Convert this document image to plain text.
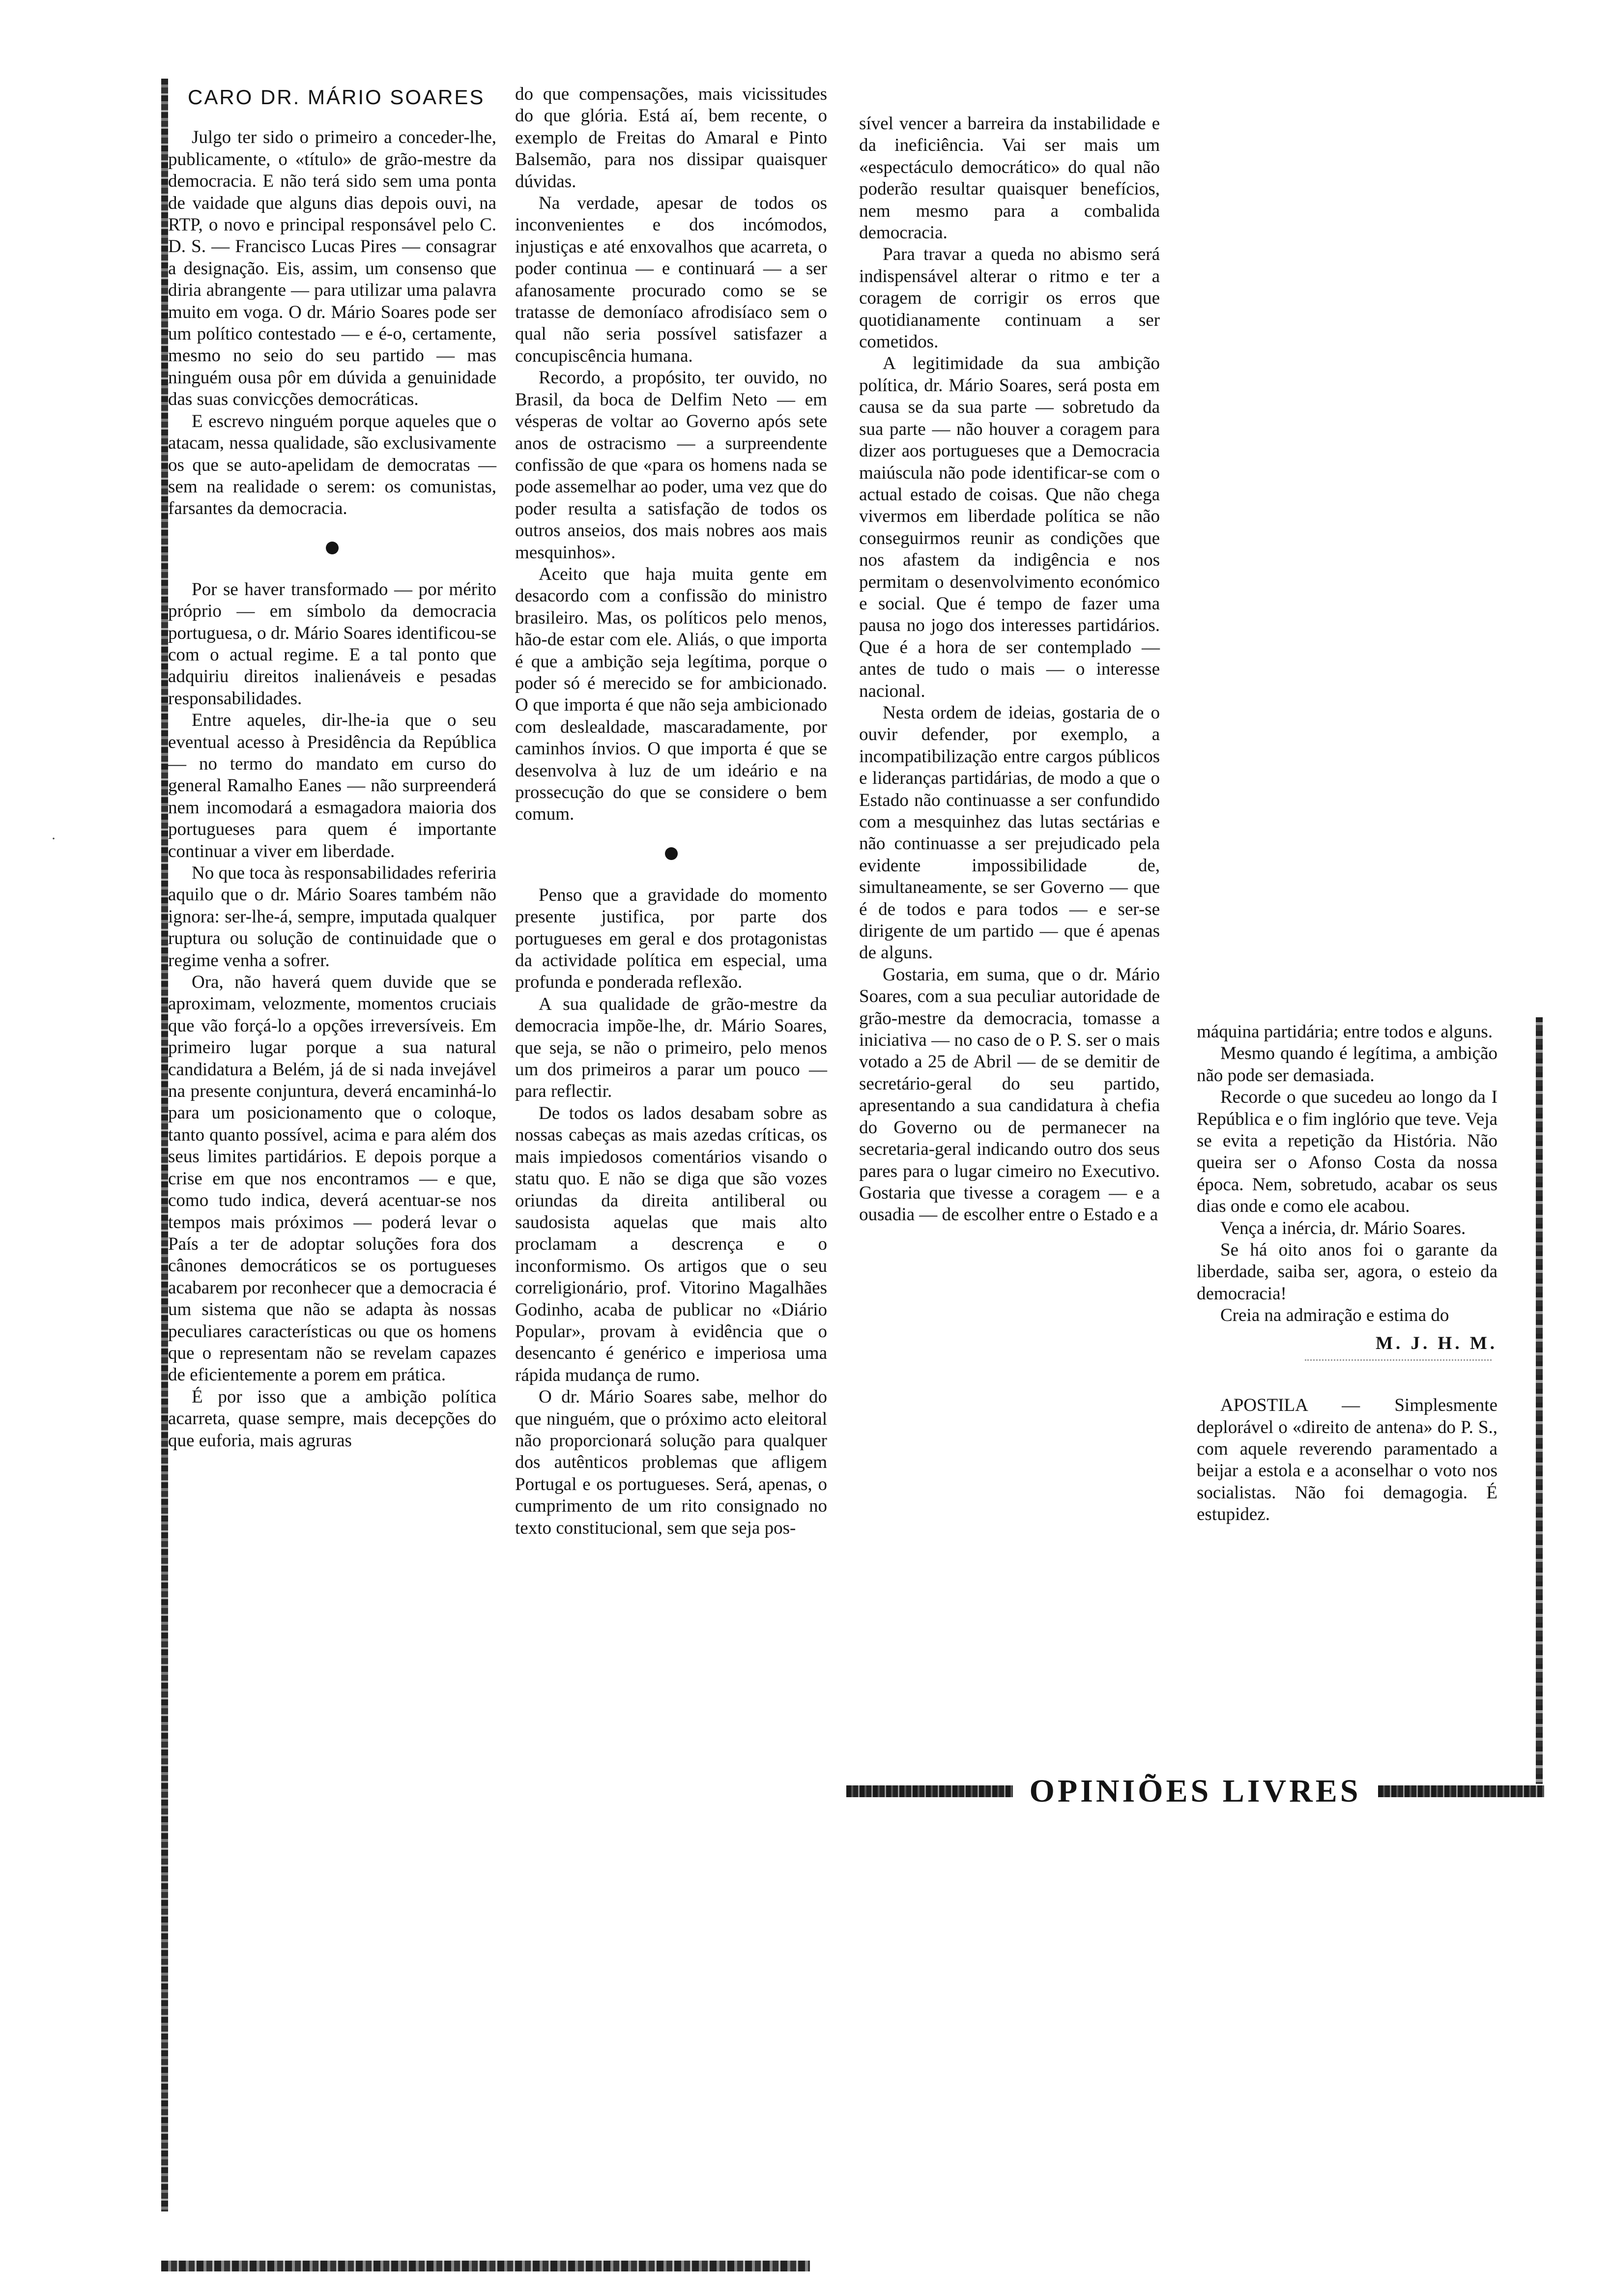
CARO DR. MÁRIO SOARES

Julgo ter sido o primeiro a conceder-lhe, publicamente, o «título» de grão-mestre da democracia. E não terá sido sem uma ponta de vaidade que alguns dias depois ouvi, na RTP, o novo e principal responsável pelo C. D. S. — Francisco Lucas Pires — consagrar a designação. Eis, assim, um consenso que diria abrangente — para utilizar uma palavra muito em voga. O dr. Mário Soares pode ser um político contestado — e é-o, certamente, mesmo no seio do seu partido — mas ninguém ousa pôr em dúvida a genuinidade das suas convicções democráticas.

E escrevo ninguém porque aqueles que o atacam, nessa qualidade, são exclusivamente os que se auto-apelidam de democratas — sem na realidade o serem: os comunistas, farsantes da democracia.

Por se haver transformado — por mérito próprio — em símbolo da democracia portuguesa, o dr. Mário Soares identificou-se com o actual regime. E a tal ponto que adquiriu direitos inalienáveis e pesadas responsabilidades.

Entre aqueles, dir-lhe-ia que o seu eventual acesso à Presidência da República — no termo do mandato em curso do general Ramalho Eanes — não surpreenderá nem incomodará a esmagadora maioria dos portugueses para quem é importante continuar a viver em liberdade.

No que toca às responsabilidades referiria aquilo que o dr. Mário Soares também não ignora: ser-lhe-á, sempre, imputada qualquer ruptura ou solução de continuidade que o regime venha a sofrer.

Ora, não haverá quem duvide que se aproximam, velozmente, momentos cruciais que vão forçá-lo a opções irreversíveis. Em primeiro lugar porque a sua natural candidatura a Belém, já de si nada invejável na presente conjuntura, deverá encaminhá-lo para um posicionamento que o coloque, tanto quanto possível, acima e para além dos seus limites partidários. E depois porque a crise em que nos encontramos — e que, como tudo indica, deverá acentuar-se nos tempos mais próximos — poderá levar o País a ter de adoptar soluções fora dos cânones democráticos se os portugueses acabarem por reconhecer que a democracia é um sistema que não se adapta às nossas peculiares características ou que os homens que o representam não se revelam capazes de eficientemente a porem em prática.

É por isso que a ambição política acarreta, quase sempre, mais decepções do que euforia, mais agruras

do que compensações, mais vicissitudes do que glória. Está aí, bem recente, o exemplo de Freitas do Amaral e Pinto Balsemão, para nos dissipar quaisquer dúvidas.

Na verdade, apesar de todos os inconvenientes e dos incómodos, injustiças e até enxovalhos que acarreta, o poder continua — e continuará — a ser afanosamente procurado como se se tratasse de demoníaco afrodisíaco sem o qual não seria possível satisfazer a concupiscência humana.

Recordo, a propósito, ter ouvido, no Brasil, da boca de Delfim Neto — em vésperas de voltar ao Governo após sete anos de ostracismo — a surpreendente confissão de que «para os homens nada se pode assemelhar ao poder, uma vez que do poder resulta a satisfação de todos os outros anseios, dos mais nobres aos mais mesquinhos».

Aceito que haja muita gente em desacordo com a confissão do ministro brasileiro. Mas, os políticos pelo menos, hão-de estar com ele. Aliás, o que importa é que a ambição seja legítima, porque o poder só é merecido se for ambicionado. O que importa é que não seja ambicionado com deslealdade, mascaradamente, por caminhos ínvios. O que importa é que se desenvolva à luz de um ideário e na prossecução do que se considere o bem comum.

Penso que a gravidade do momento presente justifica, por parte dos portugueses em geral e dos protagonistas da actividade política em especial, uma profunda e ponderada reflexão.

A sua qualidade de grão-mestre da democracia impõe-lhe, dr. Mário Soares, que seja, se não o primeiro, pelo menos um dos primeiros a parar um pouco — para reflectir.

De todos os lados desabam sobre as nossas cabeças as mais azedas críticas, os mais impiedosos comentários visando o statu quo. E não se diga que são vozes oriundas da direita antiliberal ou saudosista aquelas que mais alto proclamam a descrença e o inconformismo. Os artigos que o seu correligionário, prof. Vitorino Magalhães Godinho, acaba de publicar no «Diário Popular», provam à evidência que o desencanto é genérico e imperiosa uma rápida mudança de rumo.

O dr. Mário Soares sabe, melhor do que ninguém, que o próximo acto eleitoral não proporcionará solução para qualquer dos autênticos problemas que afligem Portugal e os portugueses. Será, apenas, o cumprimento de um rito consignado no texto constitucional, sem que seja pos-

sível vencer a barreira da instabilidade e da ineficiência. Vai ser mais um «espectáculo democrático» do qual não poderão resultar quaisquer benefícios, nem mesmo para a combalida democracia.

Para travar a queda no abismo será indispensável alterar o ritmo e ter a coragem de corrigir os erros que quotidianamente continuam a ser cometidos.

A legitimidade da sua ambição política, dr. Mário Soares, será posta em causa se da sua parte — sobretudo da sua parte — não houver a coragem para dizer aos portugueses que a Democracia maiúscula não pode identificar-se com o actual estado de coisas. Que não chega vivermos em liberdade política se não conseguirmos reunir as condições que nos afastem da indigência e nos permitam o desenvolvimento económico e social. Que é tempo de fazer uma pausa no jogo dos interesses partidários. Que é a hora de ser contemplado — antes de tudo o mais — o interesse nacional.

Nesta ordem de ideias, gostaria de o ouvir defender, por exemplo, a incompatibilização entre cargos públicos e lideranças partidárias, de modo a que o Estado não continuasse a ser confundido com a mesquinhez das lutas sectárias e não continuasse a ser prejudicado pela evidente impossibilidade de, simultaneamente, se ser Governo — que é de todos e para todos — e ser-se dirigente de um partido — que é apenas de alguns.

Gostaria, em suma, que o dr. Mário Soares, com a sua peculiar autoridade de grão-mestre da democracia, tomasse a iniciativa — no caso de o P. S. ser o mais votado a 25 de Abril — de se demitir de secretário-geral do seu partido, apresentando a sua candidatura à chefia do Governo ou de permanecer na secretaria-geral indicando outro dos seus pares para o lugar cimeiro no Executivo. Gostaria que tivesse a coragem — e a ousadia — de escolher entre o Estado e a

máquina partidária; entre todos e alguns.

Mesmo quando é legítima, a ambição não pode ser demasiada.

Recorde o que sucedeu ao longo da I República e o fim inglório que teve. Veja se evita a repetição da História. Não queira ser o Afonso Costa da nossa época. Nem, sobretudo, acabar os seus dias onde e como ele acabou.

Vença a inércia, dr. Mário Soares.

Se há oito anos foi o garante da liberdade, saiba ser, agora, o esteio da democracia!

Creia na admiração e estima do

M. J. H. M.

APOSTILA — Simplesmente deplorável o «direito de antena» do P. S., com aquele reverendo paramentado a beijar a estola e a aconselhar o voto nos socialistas. Não foi demagogia. É estupidez.

OPINIÕES LIVRES
·
